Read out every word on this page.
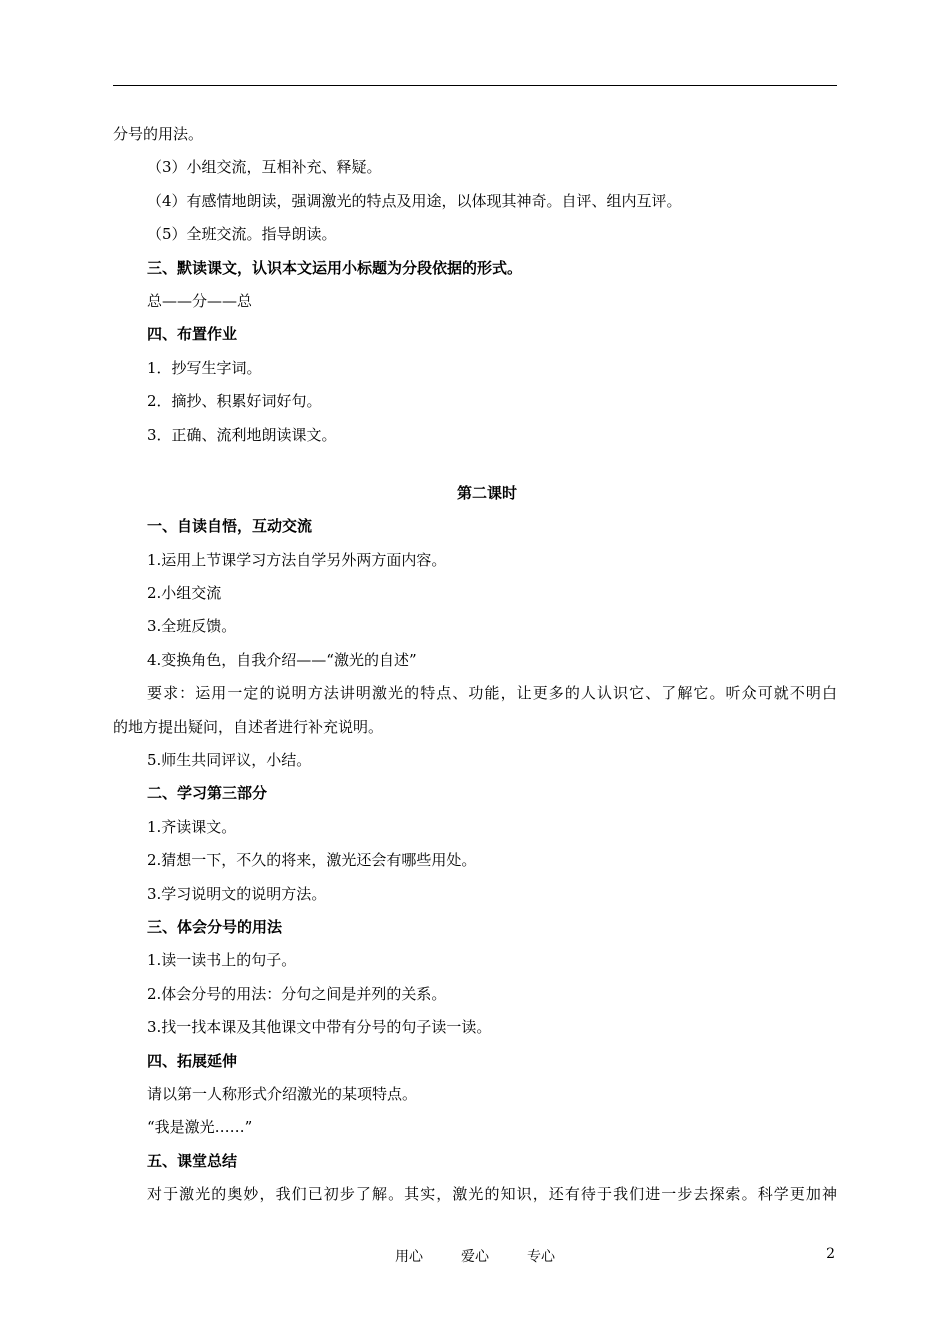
分号的用法。
（3）小组交流，互相补充、释疑。
（4）有感情地朗读，强调激光的特点及用途，以体现其神奇。自评、组内互评。
（5）全班交流。指导朗读。
三、默读课文，认识本文运用小标题为分段依据的形式。
总——分——总
四、布置作业
1．抄写生字词。
2．摘抄、积累好词好句。
3．正确、流利地朗读课文。
第二课时
一、自读自悟，互动交流
1.运用上节课学习方法自学另外两方面内容。
2.小组交流
3.全班反馈。
4.变换角色，自我介绍——“激光的自述”
要求：运用一定的说明方法讲明激光的特点、功能，让更多的人认识它、了解它。听众可就不明白
的地方提出疑问，自述者进行补充说明。
5.师生共同评议，小结。
二、学习第三部分
1.齐读课文。
2.猜想一下，不久的将来，激光还会有哪些用处。
3.学习说明文的说明方法。
三、体会分号的用法
1.读一读书上的句子。
2.体会分号的用法：分句之间是并列的关系。
3.找一找本课及其他课文中带有分号的句子读一读。
四、拓展延伸
请以第一人称形式介绍激光的某项特点。
“我是激光……”
五、课堂总结
对于激光的奥妙，我们已初步了解。其实，激光的知识，还有待于我们进一步去探索。科学更加神
用心	爱心	专心	2
